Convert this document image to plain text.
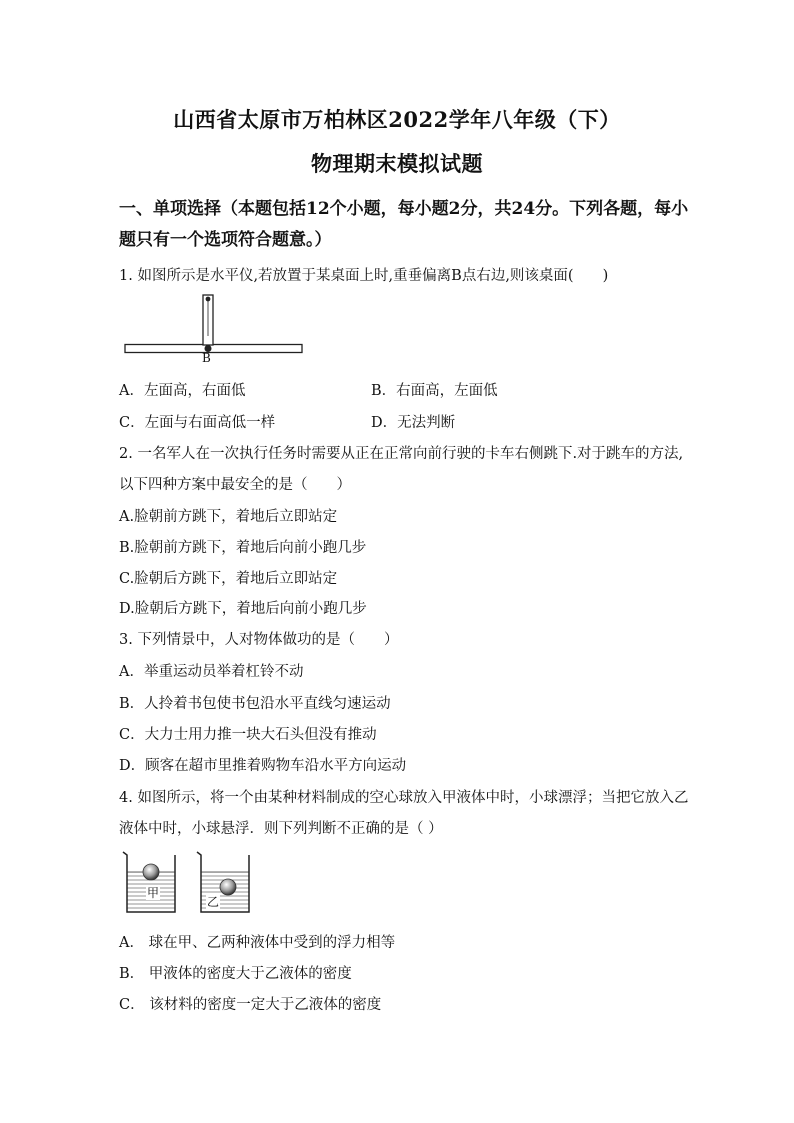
山西省太原市万柏林区2022学年八年级（下）
物理期末模拟试题
一、单项选择（本题包括12个小题，每小题2分，共24分。下列各题，每小
题只有一个选项符合题意。）
1. 如图所示是水平仪,若放置于某桌面上时,重垂偏离B点右边,则该桌面(　　)
B
A．左面高，右面低	B．右面高，左面低
C．左面与右面高低一样	D．无法判断
2. 一名军人在一次执行任务时需要从正在正常向前行驶的卡车右侧跳下.对于跳车的方法,
以下四种方案中最安全的是（　　）
A.脸朝前方跳下，着地后立即站定
B.脸朝前方跳下，着地后向前小跑几步
C.脸朝后方跳下，着地后立即站定
D.脸朝后方跳下，着地后向前小跑几步
3. 下列情景中，人对物体做功的是（　　）
A．举重运动员举着杠铃不动
B．人拎着书包使书包沿水平直线匀速运动
C．大力士用力推一块大石头但没有推动
D．顾客在超市里推着购物车沿水平方向运动
4. 如图所示，将一个由某种材料制成的空心球放入甲液体中时，小球漂浮；当把它放入乙
液体中时，小球悬浮．则下列判断不正确的是（ ）
甲
乙
A． 球在甲、乙两种液体中受到的浮力相等
B． 甲液体的密度大于乙液体的密度
C． 该材料的密度一定大于乙液体的密度
